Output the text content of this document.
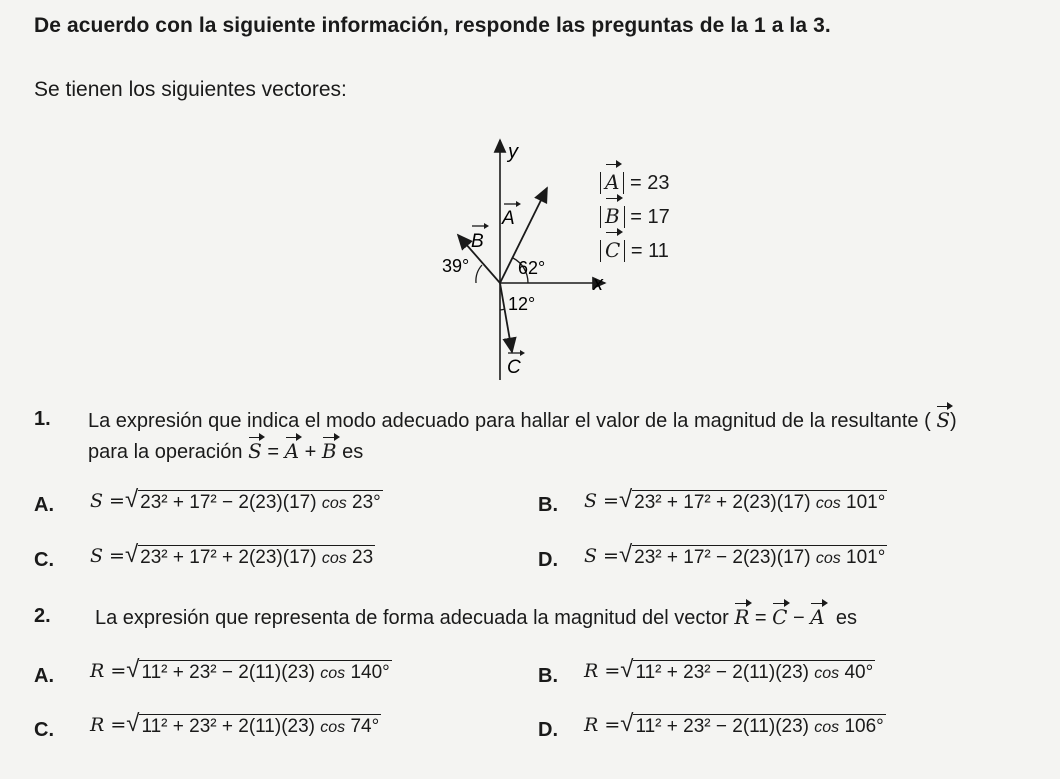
De acuerdo con la siguiente información, responde las preguntas de la 1 a la 3.
Se tienen los siguientes vectores:
y
x
A
B
C
39°	62°
12°
A = 23
B = 17
C = 11
1. La expresión que indica el modo adecuado para hallar el valor de la magnitud de la resultante ( S)
para la operación S = A + B es
A. S = √ 23² + 17² − 2(23)(17) cos 23°	B. S = √ 23² + 17² + 2(23)(17) cos 101°
C. S = √ 23² + 17² + 2(23)(17) cos 23	D. S = √ 23² + 17² − 2(23)(17) cos 101°
2. La expresión que representa de forma adecuada la magnitud del vector R = C − A es
A. R = √ 11² + 23² − 2(11)(23) cos 140°	B. R = √ 11² + 23² − 2(11)(23) cos 40°
C. R = √ 11² + 23² + 2(11)(23) cos 74°	D. R = √ 11² + 23² − 2(11)(23) cos 106°
